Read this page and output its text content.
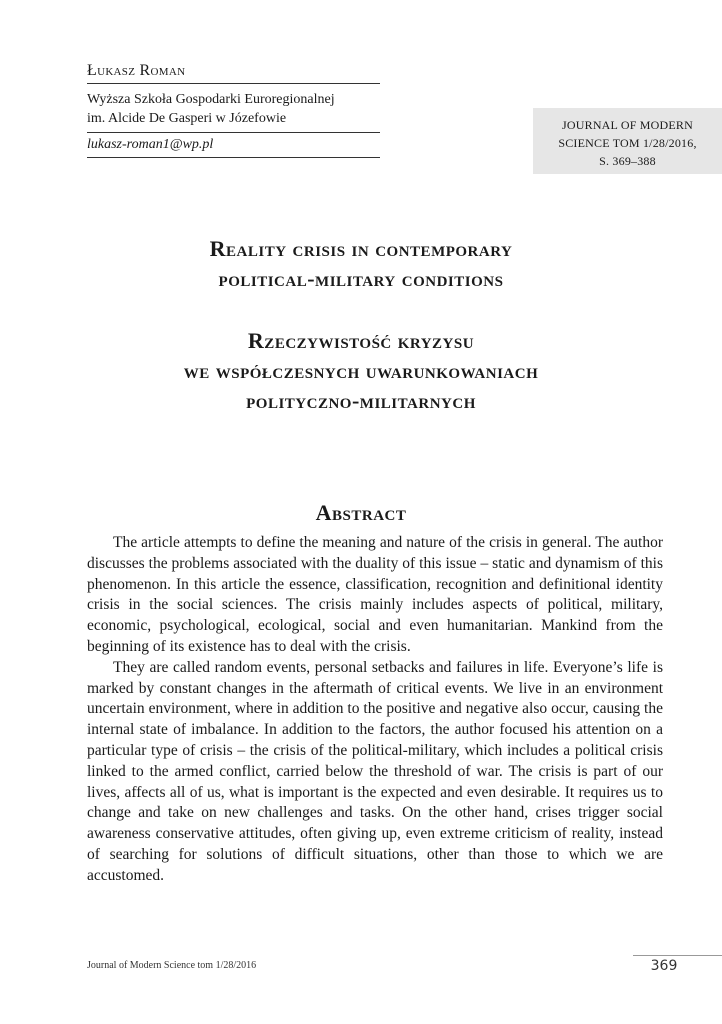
Łukasz Roman
Wyższa Szkoła Gospodarki Euroregionalnej
im. Alcide De Gasperi w Józefowie
lukasz-roman1@wp.pl
JOURNAL OF MODERN
SCIENCE TOM 1/28/2016,
S. 369–388
Reality crisis in contemporary
political-military conditions
Rzeczywistość kryzysu
we współczesnych uwarunkowaniach
polityczno-militarnych
Abstract

The article attempts to define the meaning and nature of the crisis in general. The author discusses the problems associated with the duality of this issue – static and dynamism of this phenomenon. In this article the essence, classification, recognition and definitional identity crisis in the social sciences. The crisis mainly includes aspects of political, military, economic, psychological, ecological, social and even humanitarian. Mankind from the beginning of its existence has to deal with the crisis.

They are called random events, personal setbacks and failures in life. Everyone’s life is marked by constant changes in the aftermath of critical events. We live in an environment uncertain environment, where in addition to the positive and negative also occur, causing the internal state of imbalance. In addition to the factors, the author focused his attention on a particular type of crisis – the crisis of the political-military, which includes a political crisis linked to the armed conflict, carried below the threshold of war. The crisis is part of our lives, affects all of us, what is important is the expected and even desirable. It requires us to change and take on new challenges and tasks. On the other hand, crises trigger social awareness conservative attitudes, often giving up, even extreme criticism of reality, instead of searching for solutions of difficult situations, other than those to which we are accustomed.

Journal of Modern Science tom 1/28/2016	369
